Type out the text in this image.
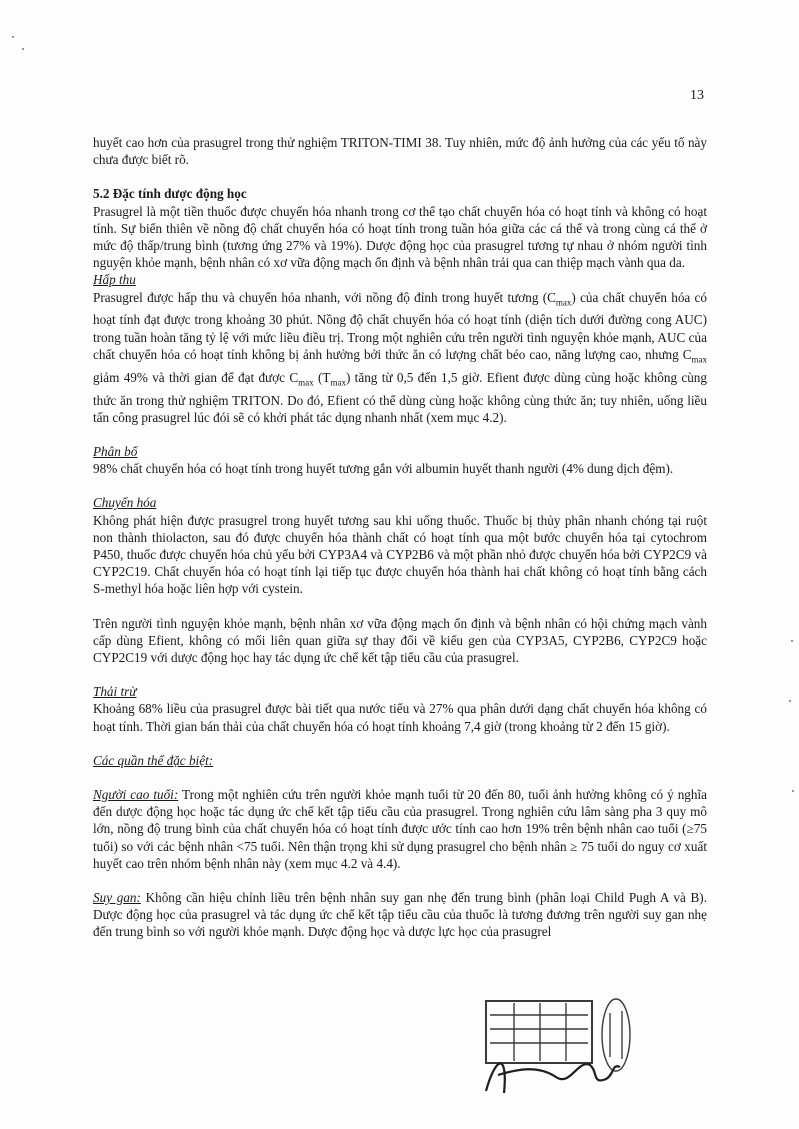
13

huyết cao hơn của prasugrel trong thử nghiệm TRITON-TIMI 38. Tuy nhiên, mức độ ảnh hưởng của các yếu tố này chưa được biết rõ.

5.2 Đặc tính dược động học

Prasugrel là một tiền thuốc được chuyển hóa nhanh trong cơ thể tạo chất chuyển hóa có hoạt tính và không có hoạt tính. Sự biến thiên về nồng độ chất chuyển hóa có hoạt tính trong tuần hóa giữa các cá thể và trong cùng cá thể ở mức độ thấp/trung bình (tương ứng 27% và 19%). Dược động học của prasugrel tương tự nhau ở nhóm người tình nguyện khỏe mạnh, bệnh nhân có xơ vữa động mạch ổn định và bệnh nhân trải qua can thiệp mạch vành qua da.

Hấp thu

Prasugrel được hấp thu và chuyển hóa nhanh, với nồng độ đỉnh trong huyết tương $(C_{max})$ của chất chuyển hóa có hoạt tính đạt được trong khoảng 30 phút. Nồng độ chất chuyển hóa có hoạt tính (diện tích dưới đường cong AUC) trong tuần hoàn tăng tỷ lệ với mức liều điều trị. Trong một nghiên cứu trên người tình nguyện khỏe mạnh, AUC của chất chuyển hóa có hoạt tính không bị ảnh hưởng bởi thức ăn có lượng chất béo cao, năng lượng cao, nhưng $C_{max}$ giảm 49% và thời gian để đạt được $C_{max}$ $(T_{max})$ tăng từ 0,5 đến 1,5 giờ. Efient được dùng cùng hoặc không cùng thức ăn trong thử nghiệm TRITON. Do đó, Efient có thể dùng cùng hoặc không cùng thức ăn; tuy nhiên, uống liều tấn công prasugrel lúc đói sẽ có khởi phát tác dụng nhanh nhất (xem mục 4.2).

Phân bố

98% chất chuyển hóa có hoạt tính trong huyết tương gắn với albumin huyết thanh người (4% dung dịch đệm).

Chuyển hóa

Không phát hiện được prasugrel trong huyết tương sau khi uống thuốc. Thuốc bị thủy phân nhanh chóng tại ruột non thành thiolacton, sau đó được chuyển hóa thành chất có hoạt tính qua một bước chuyển hóa tại cytochrom P450, thuốc được chuyển hóa chủ yếu bởi CYP3A4 và CYP2B6 và một phần nhỏ được chuyển hóa bởi CYP2C9 và CYP2C19. Chất chuyển hóa có hoạt tính lại tiếp tục được chuyển hóa thành hai chất không có hoạt tính bằng cách S-methyl hóa hoặc liên hợp với cystein.

Trên người tình nguyện khỏe mạnh, bệnh nhân xơ vữa động mạch ổn định và bệnh nhân có hội chứng mạch vành cấp dùng Efient, không có mối liên quan giữa sự thay đổi về kiểu gen của CYP3A5, CYP2B6, CYP2C9 hoặc CYP2C19 với dược động học hay tác dụng ức chế kết tập tiểu cầu của prasugrel.

Thải trừ

Khoảng 68% liều của prasugrel được bài tiết qua nước tiểu và 27% qua phân dưới dạng chất chuyển hóa không có hoạt tính. Thời gian bán thải của chất chuyển hóa có hoạt tính khoảng 7,4 giờ (trong khoảng từ 2 đến 15 giờ).

Các quần thể đặc biệt:

Người cao tuổi: Trong một nghiên cứu trên người khỏe mạnh tuổi từ 20 đến 80, tuổi ảnh hưởng không có ý nghĩa đến dược động học hoặc tác dụng ức chế kết tập tiểu cầu của prasugrel. Trong nghiên cứu lâm sàng pha 3 quy mô lớn, nồng độ trung bình của chất chuyển hóa có hoạt tính được ước tính cao hơn 19% trên bệnh nhân cao tuổi (≥75 tuổi) so với các bệnh nhân <75 tuổi. Nên thận trọng khi sử dụng prasugrel cho bệnh nhân ≥ 75 tuổi do nguy cơ xuất huyết cao trên nhóm bệnh nhân này (xem mục 4.2 và 4.4).

Suy gan: Không cần hiệu chỉnh liều trên bệnh nhân suy gan nhẹ đến trung bình (phân loại Child Pugh A và B). Dược động học của prasugrel và tác dụng ức chế kết tập tiểu cầu của thuốc là tương đương trên người suy gan nhẹ đến trung bình so với người khỏe mạnh. Dược động học và dược lực học của prasugrel
